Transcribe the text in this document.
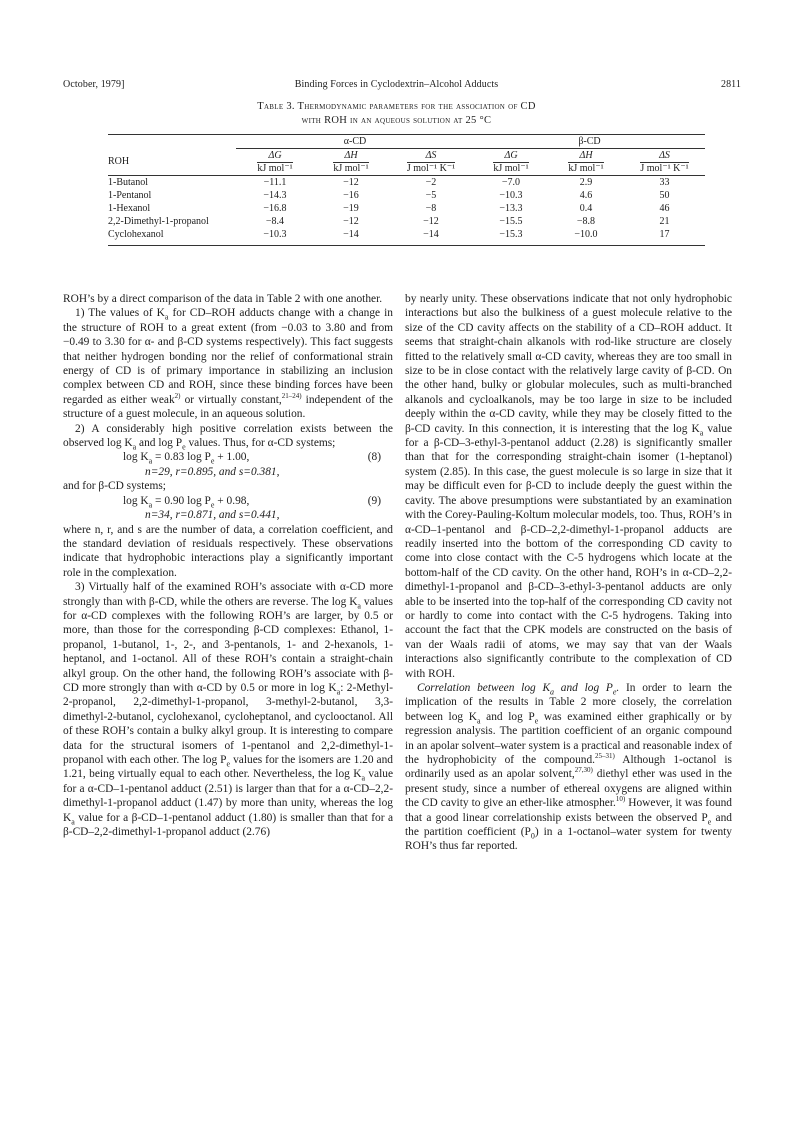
October, 1979]	Binding Forces in Cyclodextrin–Alcohol Adducts	2811
Table 3. Thermodynamic parameters for the association of CD
with ROH in an aqueous solution at 25 °C

	α-CD			β-CD		
ROH	ΔG	ΔH	ΔS	ΔG	ΔH	ΔS
	kJ mol⁻¹	kJ mol⁻¹	J mol⁻¹ K⁻¹	kJ mol⁻¹	kJ mol⁻¹	J mol⁻¹ K⁻¹

1-Butanol	−11.1	−12	−2	−7.0	2.9	33
1-Pentanol	−14.3	−16	−5	−10.3	4.6	50
1-Hexanol	−16.8	−19	−8	−13.3	0.4	46
2,2-Dimethyl-1-propanol	−8.4	−12	−12	−15.5	−8.8	21
Cyclohexanol	−10.3	−14	−14	−15.3	−10.0	17

ROH’s by a direct comparison of the data in Table 2 with one another.

1) The values of $K_a$ for CD–ROH adducts change with a change in the structure of ROH to a great extent (from −0.03 to 3.80 and from −0.49 to 3.30 for α- and β-CD systems respectively). This fact suggests that neither hydrogen bonding nor the relief of conformational strain energy of CD is of primary importance in stabilizing an inclusion complex between CD and ROH, since these binding forces have been regarded as either weak$^{2)}$ or virtually constant,$^{21-24)}$ independent of the structure of a guest molecule, in an aqueous solution.

2) A considerably high positive correlation exists between the observed $\log K_a$ and $\log P_e$ values. Thus, for α-CD systems;

$\log K_a = 0.83$ $\log P_e + 1.00$,	(8)

n=29, r=0.895, and s=0.381,

and for β-CD systems;

$\log K_a = 0.90$ $\log P_e + 0.98$,	(9)

n=34, r=0.871, and s=0.441,

where n, r, and s are the number of data, a correlation coefficient, and the standard deviation of residuals respectively. These observations indicate that hydrophobic interactions play a significantly important role in the complexation.

3) Virtually half of the examined ROH’s associate with α-CD more strongly than with β-CD, while the others are reverse. The $\log K_a$ values for α-CD complexes with the following ROH’s are larger, by 0.5 or more, than those for the corresponding β-CD complexes: Ethanol, 1-propanol, 1-butanol, 1-, 2-, and 3-pentanols, 1- and 2-hexanols, 1-heptanol, and 1-octanol. All of these ROH’s contain a straight-chain alkyl group. On the other hand, the following ROH’s associate with β-CD more strongly than with α-CD by 0.5 or more in $\log K_a$: 2-Methyl-2-propanol, 2,2-dimethyl-1-propanol, 3-methyl-2-butanol, 3,3-dimethyl-2-butanol, cyclohexanol, cycloheptanol, and cyclooctanol. All of these ROH’s contain a bulky alkyl group. It is interesting to compare data for the structural isomers of 1-pentanol and 2,2-dimethyl-1-propanol with each other. The $\log P_e$ values for the isomers are 1.20 and 1.21, being virtually equal to each other. Nevertheless, the $\log K_a$ value for a α-CD–1-pentanol adduct (2.51) is larger than that for a α-CD–2,2-dimethyl-1-propanol adduct (1.47) by more than unity, whereas the $\log K_a$ value for a β-CD–1-pentanol adduct (1.80) is smaller than that for a β-CD–2,2-dimethyl-1-propanol adduct (2.76)

by nearly unity. These observations indicate that not only hydrophobic interactions but also the bulkiness of a guest molecule relative to the size of the CD cavity affects on the stability of a CD–ROH adduct. It seems that straight-chain alkanols with rod-like structure are closely fitted to the relatively small α-CD cavity, whereas they are too small in size to be in close contact with the relatively large cavity of β-CD. On the other hand, bulky or globular molecules, such as multi-branched alkanols and cycloalkanols, may be too large in size to be included deeply within the α-CD cavity, while they may be closely fitted to the β-CD cavity. In this connection, it is interesting that the $\log K_a$ value for a β-CD–3-ethyl-3-pentanol adduct (2.28) is significantly smaller than that for the corresponding straight-chain isomer (1-heptanol) system (2.85). In this case, the guest molecule is so large in size that it may be difficult even for β-CD to include deeply the guest within the cavity. The above presumptions were substantiated by an examination with the Corey-Pauling-Koltum molecular models, too. Thus, ROH’s in α-CD–1-pentanol and β-CD–2,2-dimethyl-1-propanol adducts are readily inserted into the bottom of the corresponding CD cavity to come into close contact with the C-5 hydrogens which locate at the bottom-half of the CD cavity. On the other hand, ROH’s in α-CD–2,2-dimethyl-1-propanol and β-CD–3-ethyl-3-pentanol adducts are only able to be inserted into the top-half of the corresponding CD cavity not or hardly to come into contact with the C-5 hydrogens. Taking into account the fact that the CPK models are constructed on the basis of van der Waals radii of atoms, we may say that van der Waals interactions also significantly contribute to the complexation of CD with ROH.

Correlation between $\log K_a$ and $\log P_e$. In order to learn the implication of the results in Table 2 more closely, the correlation between $\log K_a$ and $\log P_e$ was examined either graphically or by regression analysis. The partition coefficient of an organic compound in an apolar solvent–water system is a practical and reasonable index of the hydrophobicity of the compound.$^{25-31)}$ Although 1-octanol is ordinarily used as an apolar solvent,$^{27,30)}$ diethyl ether was used in the present study, since a number of ethereal oxygens are aligned within the CD cavity to give an ether-like atmospher.$^{10)}$ However, it was found that a good linear correlationship exists between the observed $P_e$ and the partition coefficient $(P_0)$ in a 1-octanol–water system for twenty ROH’s thus far reported.
